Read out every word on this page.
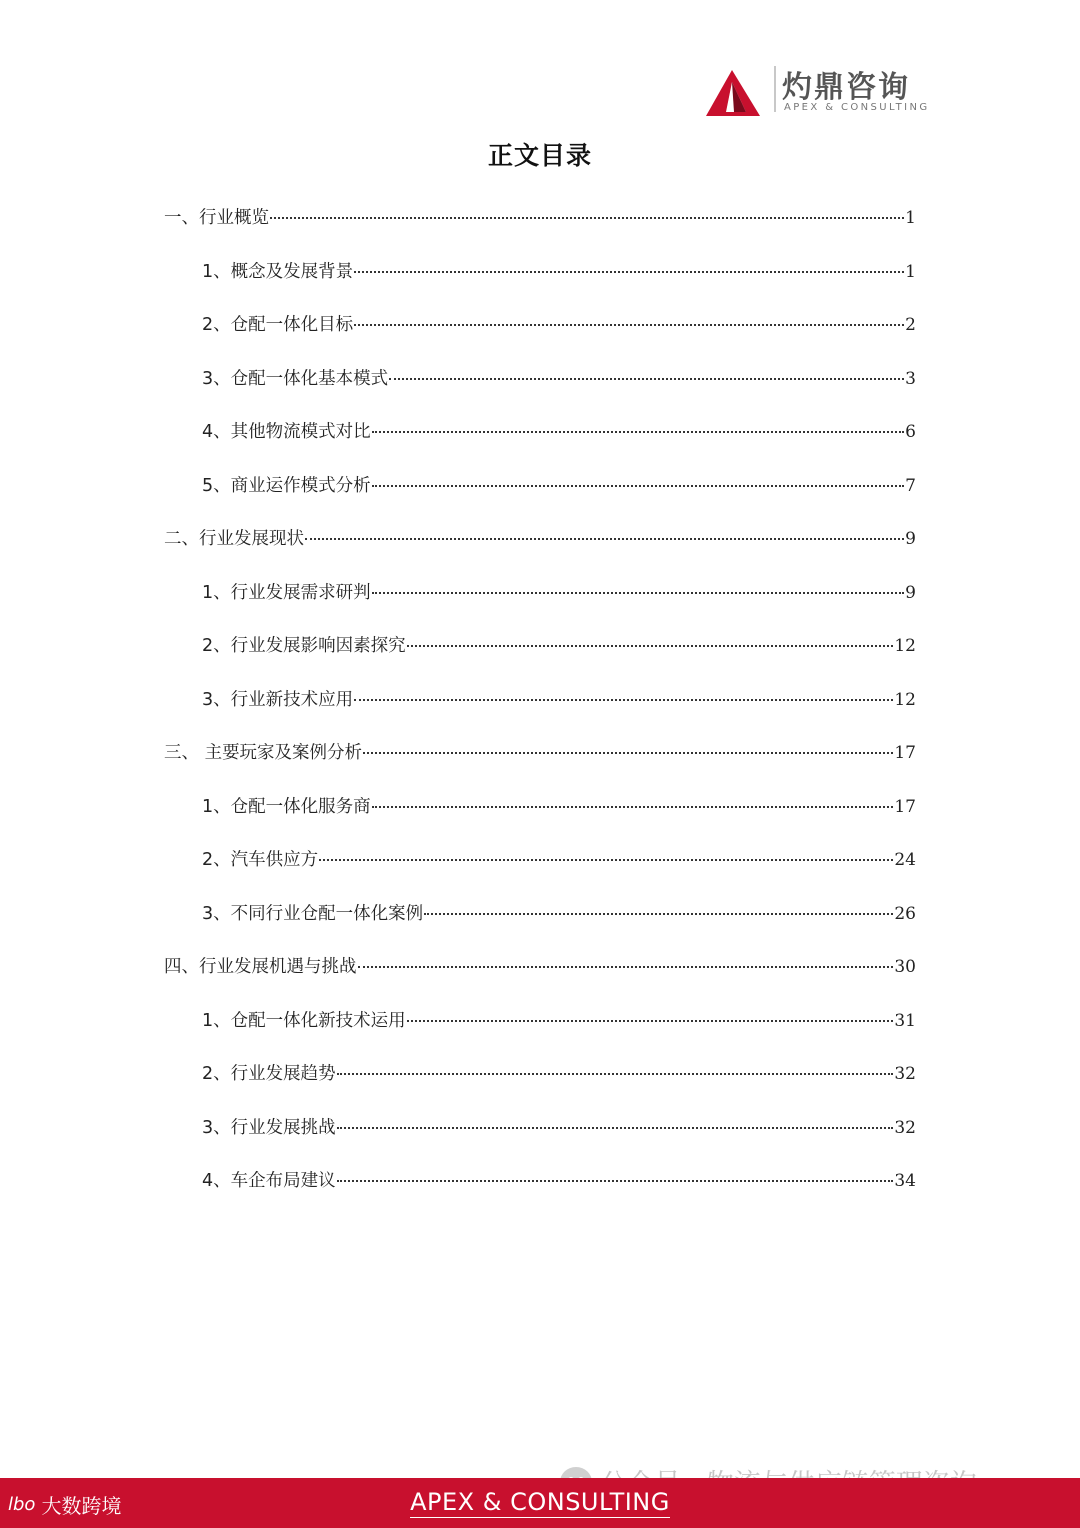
灼鼎咨询
APEX & CONSULTING
正文目录
一、行业概览	1
1、概念及发展背景	1
2、仓配一体化目标	2
3、仓配一体化基本模式	3
4、其他物流模式对比	6
5、商业运作模式分析	7
二、行业发展现状	9
1、行业发展需求研判	9
2、行业发展影响因素探究	12
3、行业新技术应用	12
三、 主要玩家及案例分析	17
1、仓配一体化服务商	17
2、汽车供应方	24
3、不同行业仓配一体化案例	26
四、行业发展机遇与挑战	30
1、仓配一体化新技术运用	31
2、行业发展趋势	32
3、行业发展挑战	32
4、车企布局建议	34
lbo 大数跨境	APEX & CONSULTING
